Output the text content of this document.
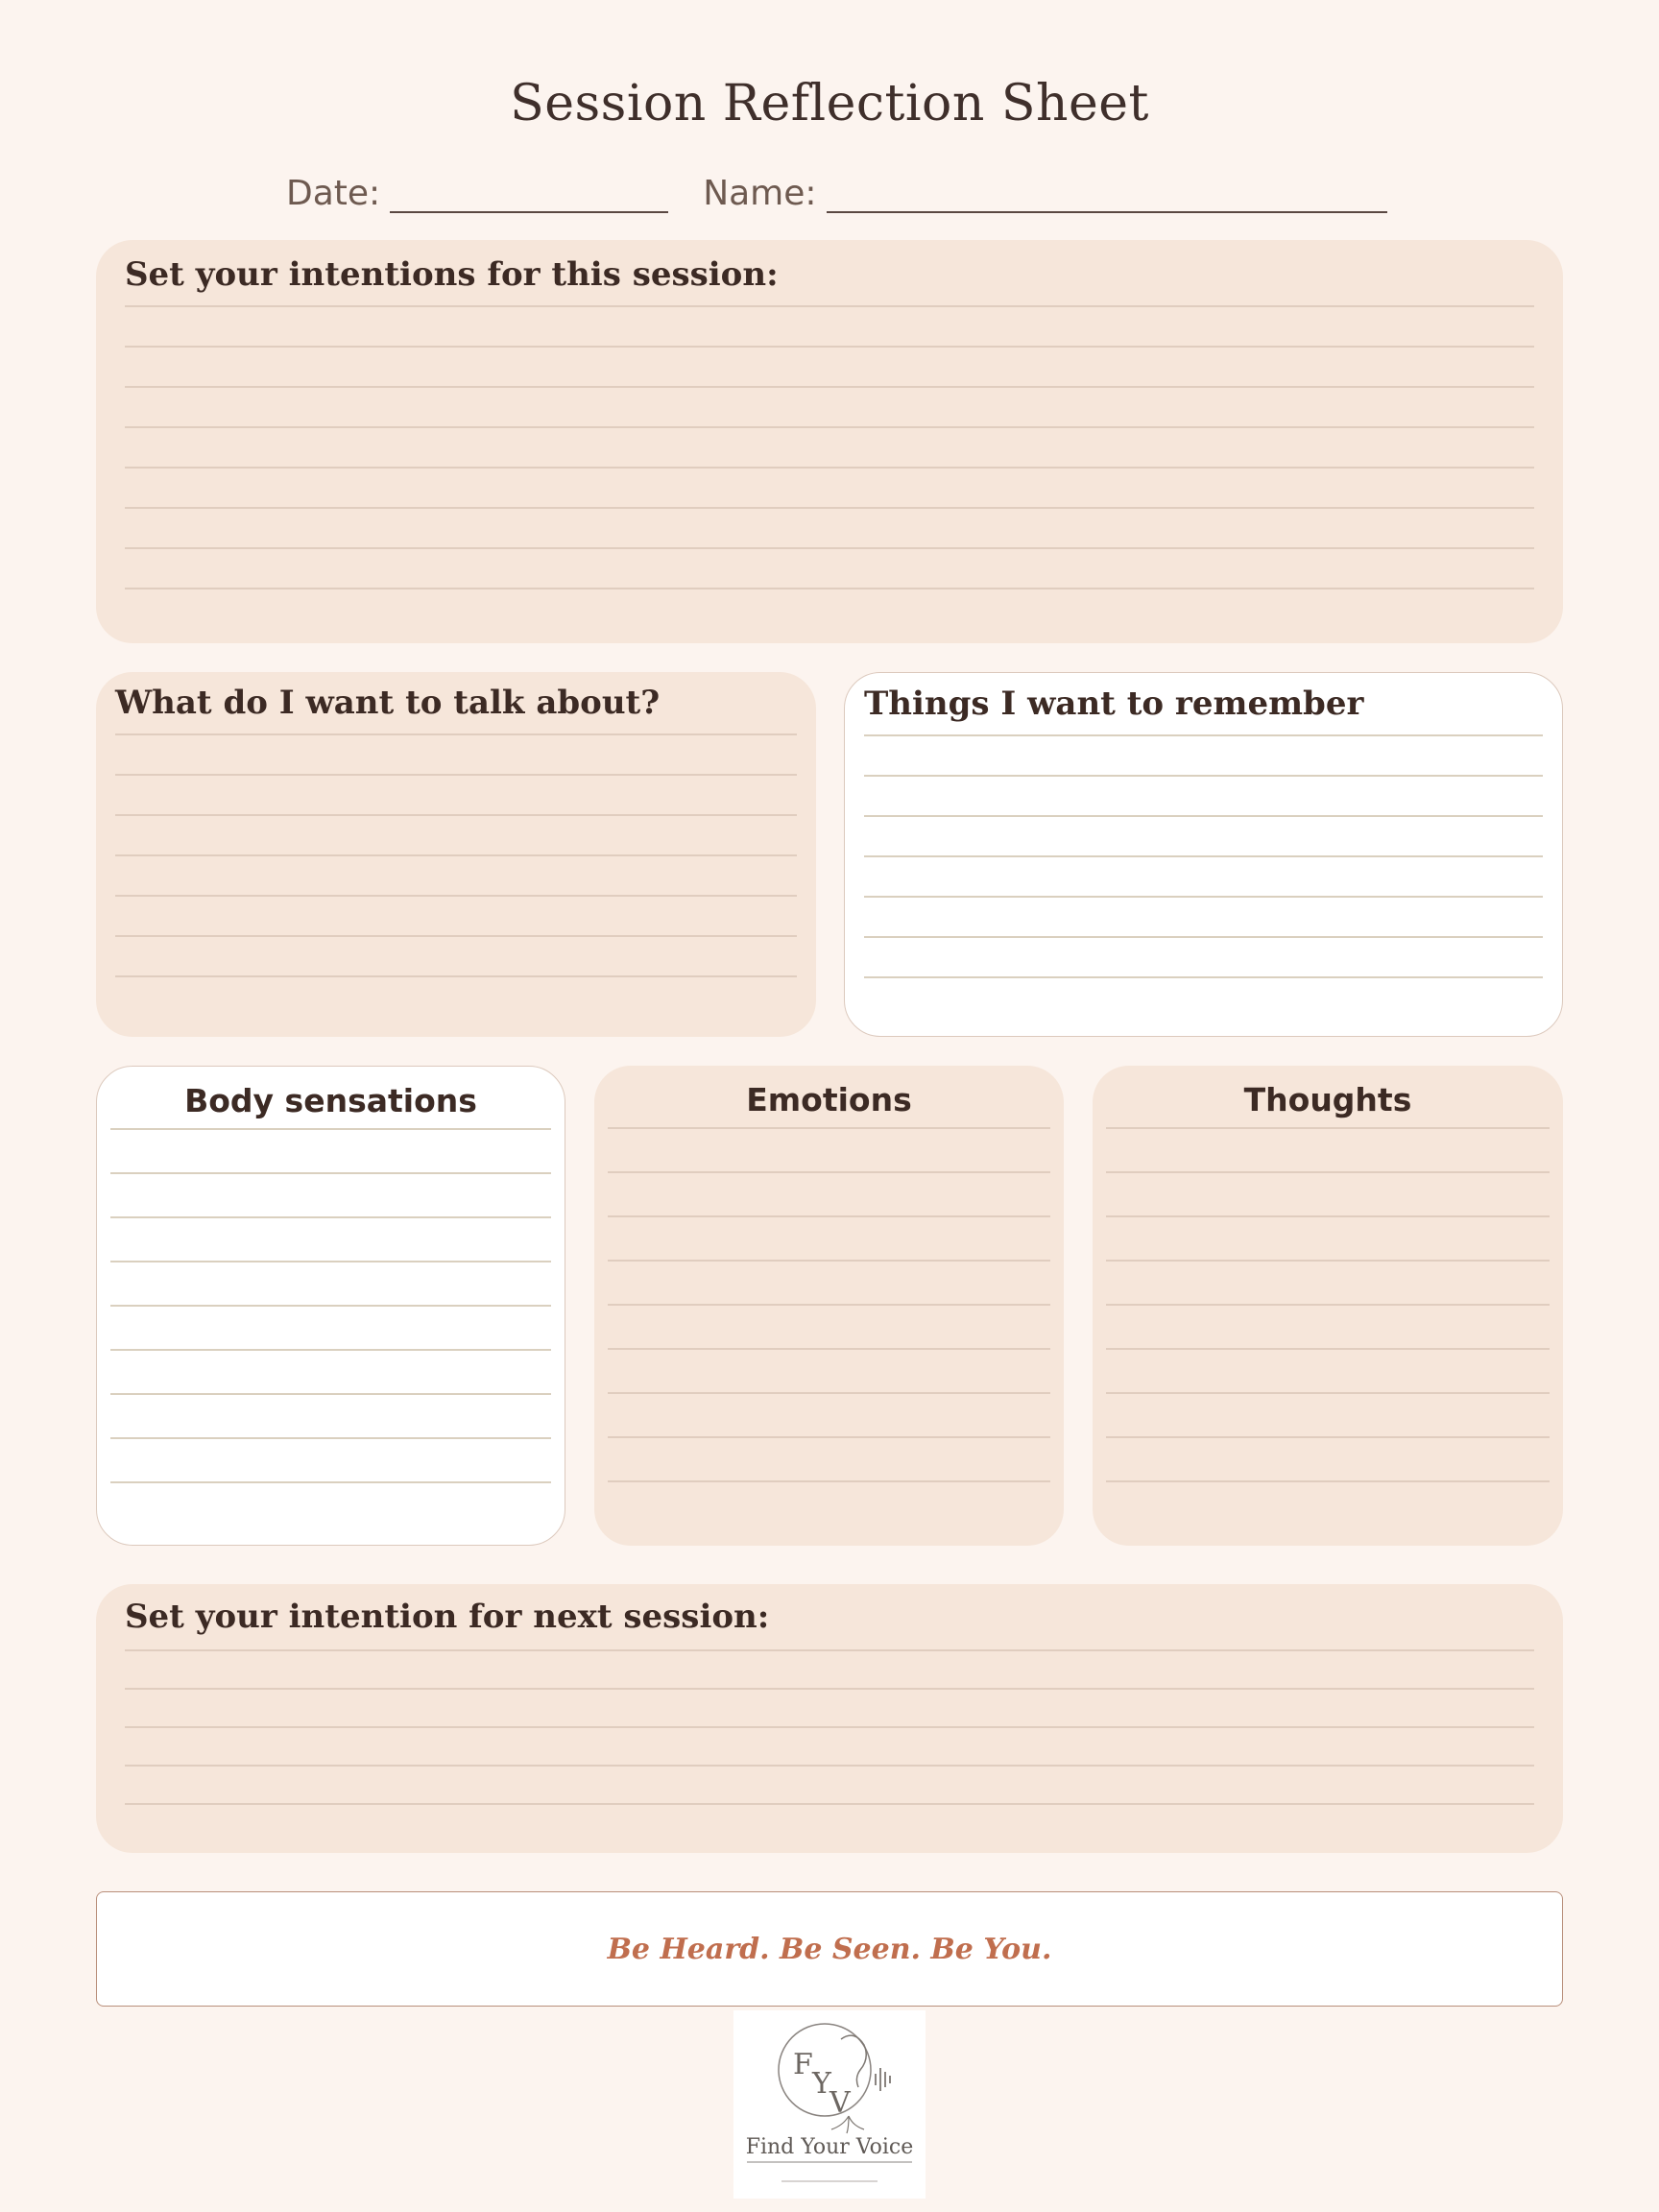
Session Reflection Sheet
Date:	Name:
Set your intentions for this session:
What do I want to talk about?	Things I want to remember
Body sensations	Emotions	Thoughts
Set your intention for next session:
Be Heard. Be Seen. Be You.
F
Y
V
Find Your Voice
